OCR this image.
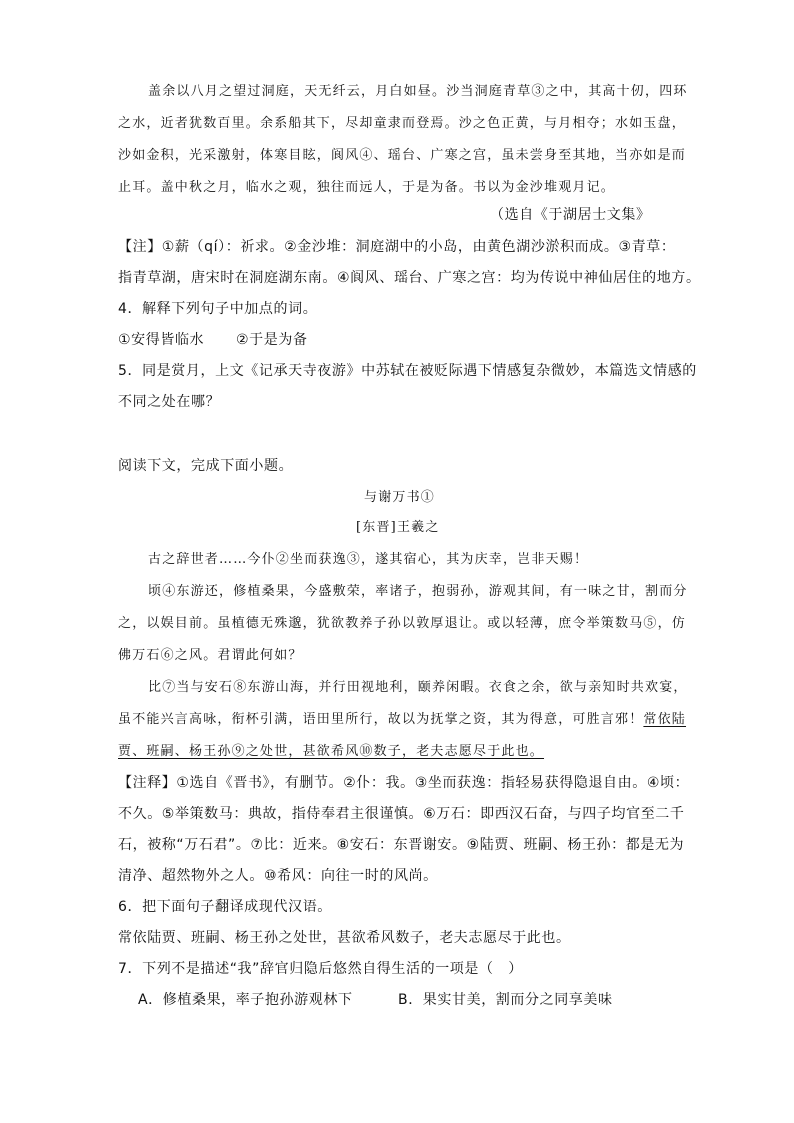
盖余以八月之望过洞庭，天无纤云，月白如昼。沙当洞庭青草③之中，其高十仞，四环
之水，近者犹数百里。余系船其下，尽却童隶而登焉。沙之色正黄，与月相夺；水如玉盘，
沙如金积，光采激射，体寒目眩，阆风④、瑶台、广寒之宫，虽未尝身至其地，当亦如是而
止耳。盖中秋之月，临水之观，独往而远人，于是为备。书以为金沙堆观月记。
（选自《于湖居士文集》
【注】①薪（qí）：祈求。②金沙堆：洞庭湖中的小岛，由黄色湖沙淤积而成。③青草：
指青草湖，唐宋时在洞庭湖东南。④阆风、瑶台、广寒之宫：均为传说中神仙居住的地方。
4．解释下列句子中加点的词。
①安得皆临水 ②于是为备
5．同是赏月，上文《记承天寺夜游》中苏轼在被贬际遇下情感复杂微妙，本篇选文情感的
不同之处在哪？
阅读下文，完成下面小题。
与谢万书①
[东晋]王羲之
古之辞世者……今仆②坐而获逸③，遂其宿心，其为庆幸，岂非天赐！
顷④东游还，修植桑果，今盛敷荣，率诸子，抱弱孙，游观其间，有一味之甘，割而分
之，以娱目前。虽植德无殊邈，犹欲教养子孙以敦厚退让。或以轻薄，庶令举策数马⑤，仿
佛万石⑥之风。君谓此何如？
比⑦当与安石⑧东游山海，并行田视地利，颐养闲暇。衣食之余，欲与亲知时共欢宴，
虽不能兴言高咏，衔杯引满，语田里所行，故以为抚掌之资，其为得意，可胜言邪！常依陆
贾、班嗣、杨王孙⑨之处世，甚欲希风⑩数子，老夫志愿尽于此也。
【注释】①选自《晋书》，有删节。②仆：我。③坐而获逸：指轻易获得隐退自由。④顷：
不久。⑤举策数马：典故，指侍奉君主很谨慎。⑥万石：即西汉石奋，与四子均官至二千
石，被称“万石君”。⑦比：近来。⑧安石：东晋谢安。⑨陆贾、班嗣、杨王孙：都是无为
清净、超然物外之人。⑩希风：向往一时的风尚。
6．把下面句子翻译成现代汉语。
常依陆贾、班嗣、杨王孙之处世，甚欲希风数子，老夫志愿尽于此也。
7．下列不是描述“我”辞官归隐后悠然自得生活的一项是（　）
A．修植桑果，率子抱孙游观林下	B．果实甘美，割而分之同享美味
